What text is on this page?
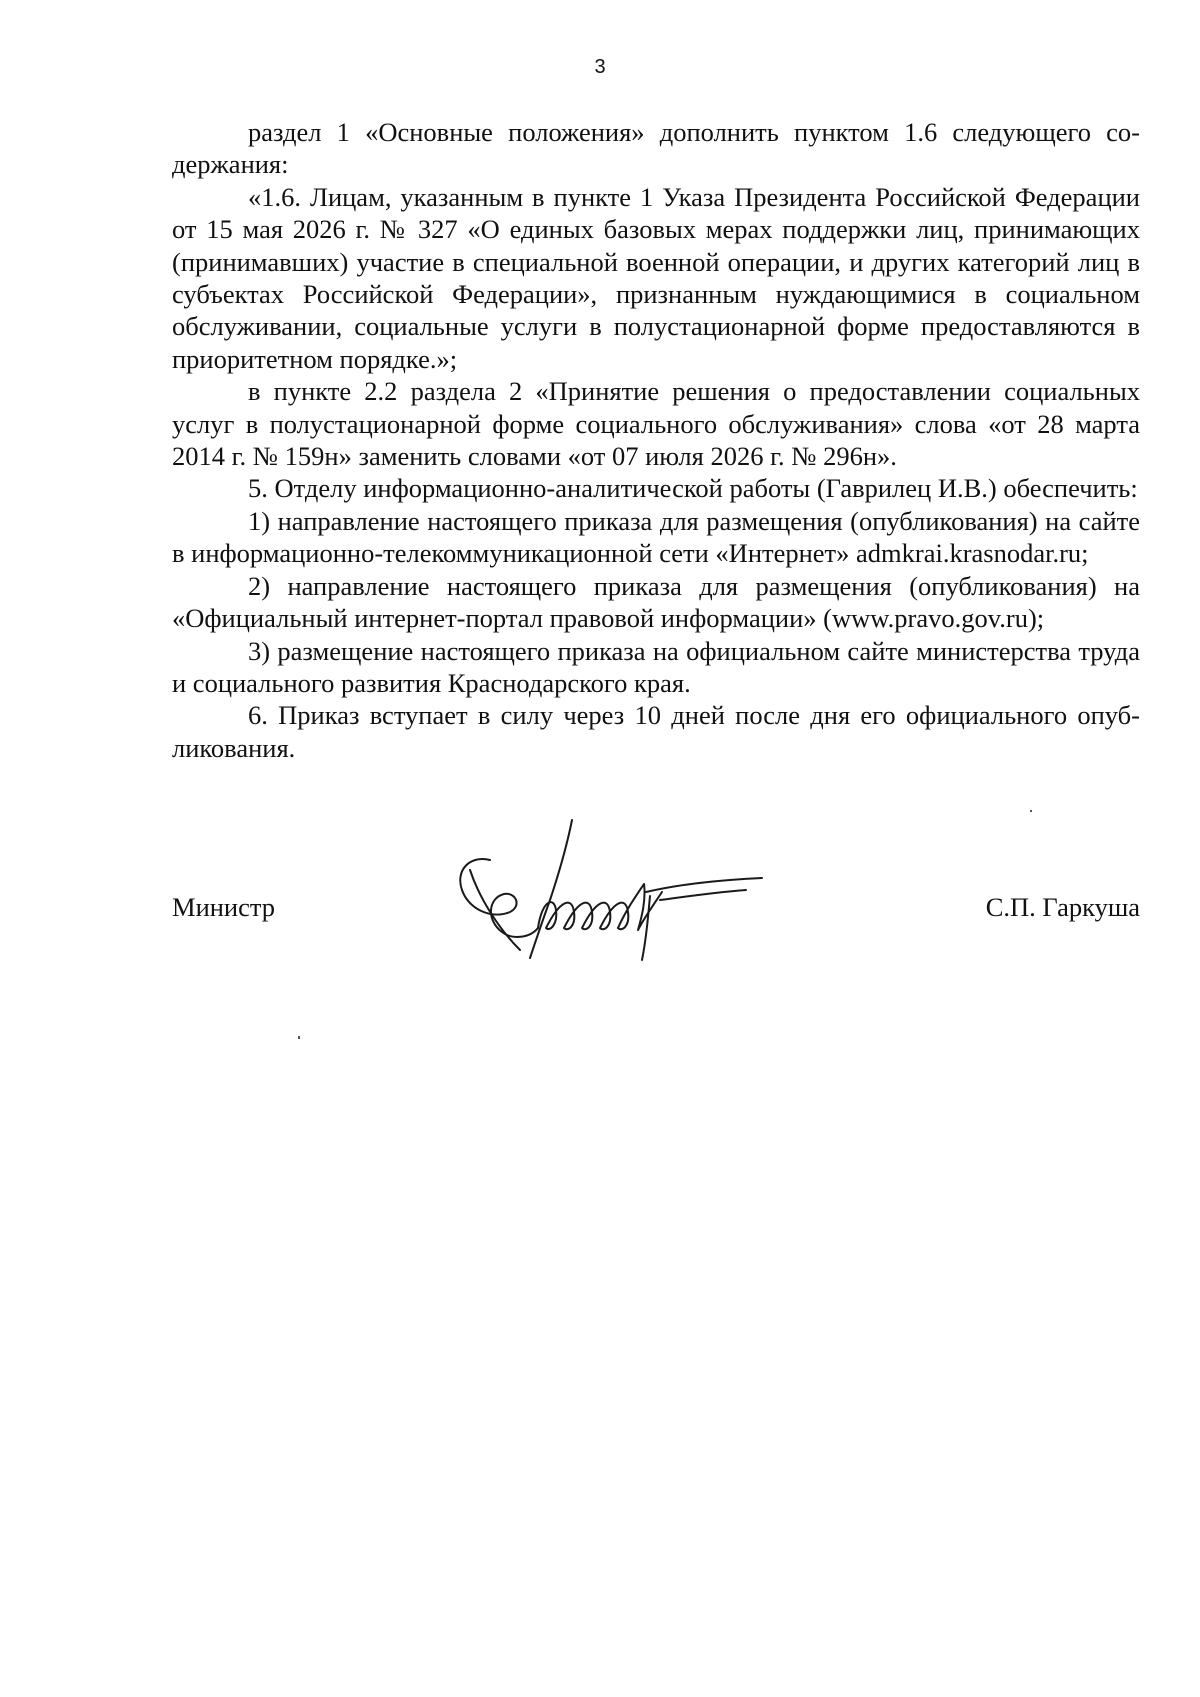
3

раздел 1 «Основные положения» дополнить пунктом 1.6 следующего содержания:

«1.6. Лицам, указанным в пункте 1 Указа Президента Российской Федерации от 15 мая 2026 г. № 327 «О единых базовых мерах поддержки лиц, принимающих (принимавших) участие в специальной военной операции, и других категорий лиц в субъектах Российской Федерации», признанным нуждающимися в социальном обслуживании, социальные услуги в полустационарной форме предоставляются в приоритетном порядке.»;

в пункте 2.2 раздела 2 «Принятие решения о предоставлении социальных услуг в полустационарной форме социального обслуживания» слова «от 28 марта 2014 г. № 159н» заменить словами «от 07 июля 2026 г. № 296н».

5. Отделу информационно-аналитической работы (Гаврилец И.В.) обеспечить:

1) направление настоящего приказа для размещения (опубликования) на сайте в информационно-телекоммуникационной сети «Интернет» admkrai.krasnodar.ru;

2) направление настоящего приказа для размещения (опубликования) на «Официальный интернет-портал правовой информации» (www.pravo.gov.ru);

3) размещение настоящего приказа на официальном сайте министерства труда и социального развития Краснодарского края.

6. Приказ вступает в силу через 10 дней после дня его официального опубликования.

Министр	С.П. Гаркуша
